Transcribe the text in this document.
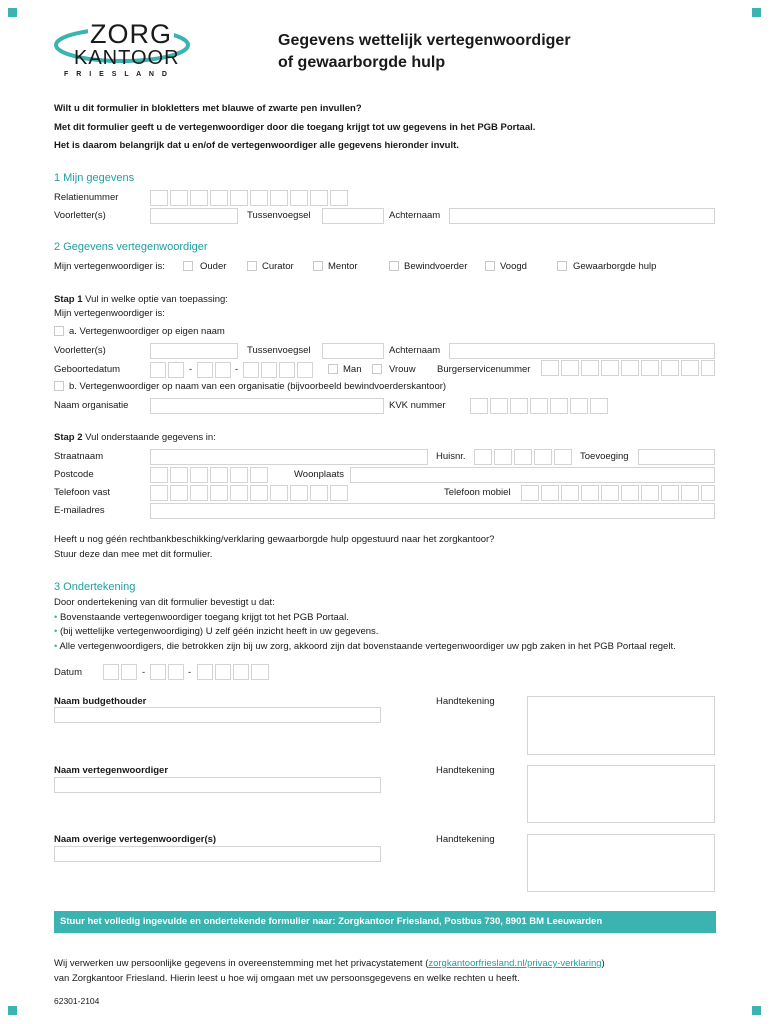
ZORG
KANTOOR
F R I E S L A N D
Gegevens wettelijk vertegenwoordiger
of gewaarborgde hulp
Wilt u dit formulier in blokletters met blauwe of zwarte pen invullen?
Met dit formulier geeft u de vertegenwoordiger door die toegang krijgt tot uw gegevens in het PGB Portaal.
Het is daarom belangrijk dat u en/of de vertegenwoordiger alle gegevens hieronder invult.
1 Mijn gegevens
Relatienummer
Voorletter(s)	Tussenvoegsel	Achternaam
2 Gegevens vertegenwoordiger
Mijn vertegenwoordiger is:	Ouder	Curator	Mentor	Bewindvoerder	Voogd	Gewaarborgde hulp
Stap 1 Vul in welke optie van toepassing:
Mijn vertegenwoordiger is:
a. Vertegenwoordiger op eigen naam
Voorletter(s)	Tussenvoegsel	Achternaam
Geboortedatum	-	-	Man	Vrouw Burgerservicenummer
b. Vertegenwoordiger op naam van een organisatie (bijvoorbeeld bewindvoerderskantoor)
Naam organisatie	KVK nummer
Stap 2 Vul onderstaande gegevens in:
Straatnaam	Huisnr.	Toevoeging
Postcode	Woonplaats
Telefoon vast	Telefoon mobiel
E-mailadres
Heeft u nog géén rechtbankbeschikking/verklaring gewaarborgde hulp opgestuurd naar het zorgkantoor?
Stuur deze dan mee met dit formulier.
3 Ondertekening
Door ondertekening van dit formulier bevestigt u dat:
• Bovenstaande vertegenwoordiger toegang krijgt tot het PGB Portaal.
• (bij wettelijke vertegenwoordiging) U zelf géén inzicht heeft in uw gegevens.
• Alle vertegenwoordigers, die betrokken zijn bij uw zorg, akkoord zijn dat bovenstaande vertegenwoordiger uw pgb zaken in het PGB Portaal regelt.
Datum	-	-
Naam budgethouder	Handtekening
Naam vertegenwoordiger	Handtekening
Naam overige vertegenwoordiger(s)	Handtekening
Stuur het volledig ingevulde en ondertekende formulier naar: Zorgkantoor Friesland, Postbus 730, 8901 BM Leeuwarden
Wij verwerken uw persoonlijke gegevens in overeenstemming met het privacystatement (zorgkantoorfriesland.nl/privacy-verklaring)
van Zorgkantoor Friesland. Hierin leest u hoe wij omgaan met uw persoonsgegevens en welke rechten u heeft.
62301-2104
